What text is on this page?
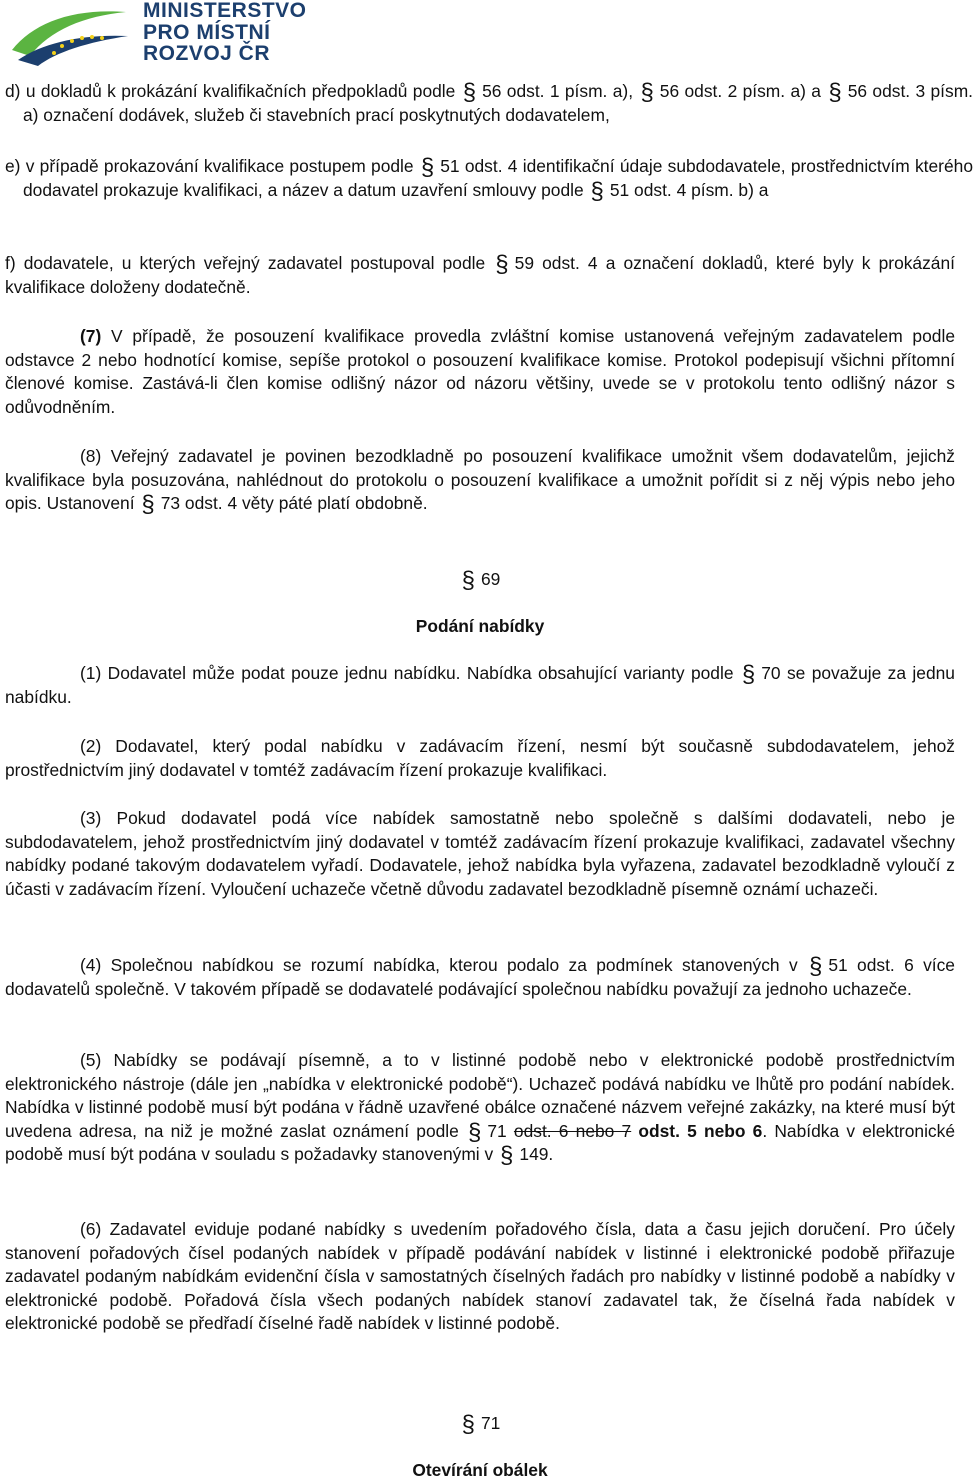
MINISTERSTVO
PRO MÍSTNÍ
ROZVOJ ČR

d) u dokladů k prokázání kvalifikačních předpokladů podle § 56 odst. 1 písm. a), § 56 odst. 2 písm. a) a § 56 odst. 3 písm. a) označení dodávek, služeb či stavebních prací poskytnutých dodavatelem,

e) v případě prokazování kvalifikace postupem podle § 51 odst. 4 identifikační údaje subdodavatele, prostřednictvím kterého dodavatel prokazuje kvalifikaci, a název a datum uzavření smlouvy podle § 51 odst. 4 písm. b) a

f) dodavatele, u kterých veřejný zadavatel postupoval podle § 59 odst. 4 a označení dokladů, které byly k prokázání kvalifikace doloženy dodatečně.

(7) V případě, že posouzení kvalifikace provedla zvláštní komise ustanovená veřejným zadavatelem podle odstavce 2 nebo hodnotící komise, sepíše protokol o posouzení kvalifikace komise. Protokol podepisují všichni přítomní členové komise. Zastává-li člen komise odlišný názor od názoru většiny, uvede se v protokolu tento odlišný názor s odůvodněním.

(8) Veřejný zadavatel je povinen bezodkladně po posouzení kvalifikace umožnit všem dodavatelům, jejichž kvalifikace byla posuzována, nahlédnout do protokolu o posouzení kvalifikace a umožnit pořídit si z něj výpis nebo jeho opis. Ustanovení § 73 odst. 4 věty páté platí obdobně.

§ 69

Podání nabídky

(1) Dodavatel může podat pouze jednu nabídku. Nabídka obsahující varianty podle § 70 se považuje za jednu nabídku.

(2) Dodavatel, který podal nabídku v zadávacím řízení, nesmí být současně subdodavatelem, jehož prostřednictvím jiný dodavatel v tomtéž zadávacím řízení prokazuje kvalifikaci.

(3) Pokud dodavatel podá více nabídek samostatně nebo společně s dalšími dodavateli, nebo je subdodavatelem, jehož prostřednictvím jiný dodavatel v tomtéž zadávacím řízení prokazuje kvalifikaci, zadavatel všechny nabídky podané takovým dodavatelem vyřadí. Dodavatele, jehož nabídka byla vyřazena, zadavatel bezodkladně vyloučí z účasti v zadávacím řízení. Vyloučení uchazeče včetně důvodu zadavatel bezodkladně písemně oznámí uchazeči.

(4) Společnou nabídkou se rozumí nabídka, kterou podalo za podmínek stanovených v § 51 odst. 6 více dodavatelů společně. V takovém případě se dodavatelé podávající společnou nabídku považují za jednoho uchazeče.

(5) Nabídky se podávají písemně, a to v listinné podobě nebo v elektronické podobě prostřednictvím elektronického nástroje (dále jen „nabídka v elektronické podobě“). Uchazeč podává nabídku ve lhůtě pro podání nabídek. Nabídka v listinné podobě musí být podána v řádně uzavřené obálce označené názvem veřejné zakázky, na které musí být uvedena adresa, na niž je možné zaslat oznámení podle § 71 odst. 6 nebo 7 odst. 5 nebo 6. Nabídka v elektronické podobě musí být podána v souladu s požadavky stanovenými v § 149.

(6) Zadavatel eviduje podané nabídky s uvedením pořadového čísla, data a času jejich doručení. Pro účely stanovení pořadových čísel podaných nabídek v případě podávání nabídek v listinné i elektronické podobě přiřazuje zadavatel podaným nabídkám evidenční čísla v samostatných číselných řadách pro nabídky v listinné podobě a nabídky v elektronické podobě. Pořadová čísla všech podaných nabídek stanoví zadavatel tak, že číselná řada nabídek v elektronické podobě se předřadí číselné řadě nabídek v listinné podobě.

§ 71

Otevírání obálek
